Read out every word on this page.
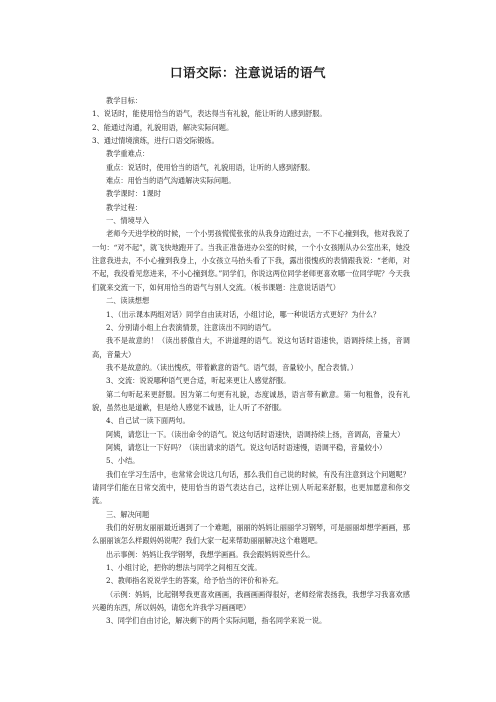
口语交际：注意说话的语气

教学目标：

1、说话时，能使用恰当的语气，表达得当有礼貌，能让听的人感到舒服。

2、能通过沟通，礼貌用语，解决实际问题。

3、通过情境演练，进行口语交际锻炼。

教学重难点：

重点：说话时，使用恰当的语气，礼貌用语，让听的人感到舒服。

难点：用恰当的语气沟通解决实际问题。

教学课时：1课时

教学过程：

一、情境导入

老师今天进学校的时候，一个小男孩慌慌张张的从我身边跑过去，一不下心撞到我，他对我说了一句：“对不起”，就飞快地跑开了。当我正准备进办公室的时候，一个小女孩刚从办公室出来，她没注意我进去，不小心撞到我身上，小女孩立马抬头看了下我，露出很愧疚的表情跟我说：“老师，对不起，我没看见您进来，不小心撞到您。”同学们，你说这两位同学老师更喜欢哪一位同学呢？今天我们就来交流一下，如何用恰当的语气与别人交流。（板书课题：注意说话语气）

二、读读想想

1、（出示课本两组对话）同学自由读对话，小组讨论，哪一种说话方式更好？为什么？

2、分别请小组上台表演情景，注意读出不同的语气。

我不是故意的！（读出骄傲自大，不讲道理的语气。说这句话时语速快，语调持续上扬，音调高，音量大）

我不是故意的。（读出愧疚，带着歉意的语气。语气弱，音量较小，配合表情。）

3、交流：说说哪种语气更合适，听起来更让人感觉舒服。

第二句听起来更舒服。因为第二句更有礼貌，态度诚恳，语言带有歉意。第一句粗鲁，没有礼貌，虽然也是道歉，但是给人感觉不诚恳，让人听了不舒服。

4、自己试一读下面两句。

阿姨，请您让一下。（读出命令的语气。说这句话时语速快，语调持续上扬，音调高，音量大）

阿姨，请您让一下好吗？（读出请求的语气。说这句话时语速慢，语调平稳，音量较小）

5、小结。

我们在学习生活中，也常常会说这几句话，那么我们自己说的时候，有没有注意到这个问题呢？请同学们能在日常交流中，使用恰当的语气表达自己，这样让别人听起来舒服，也更加愿意和你交流。

三、解决问题

我们的好朋友丽丽最近遇到了一个难题，丽丽的妈妈让丽丽学习钢琴，可是丽丽却想学画画，那么丽丽该怎么样跟妈妈说呢？我们大家一起来帮助丽丽解决这个难题吧。

出示事例：妈妈让我学钢琴，我想学画画。我会跟妈妈说些什么。

1、小组讨论，把你的想法与同学之间相互交流。

2、教师指名说说学生的答案，给予恰当的评价和补充。

（示例：妈妈，比起钢琴我更喜欢画画，我画画画得很好，老师经常表扬我，我想学习我喜欢感兴趣的东西，所以妈妈，请您允许我学习画画吧）

3、同学们自由讨论，解决剩下的两个实际问题，指名同学来说一说。
